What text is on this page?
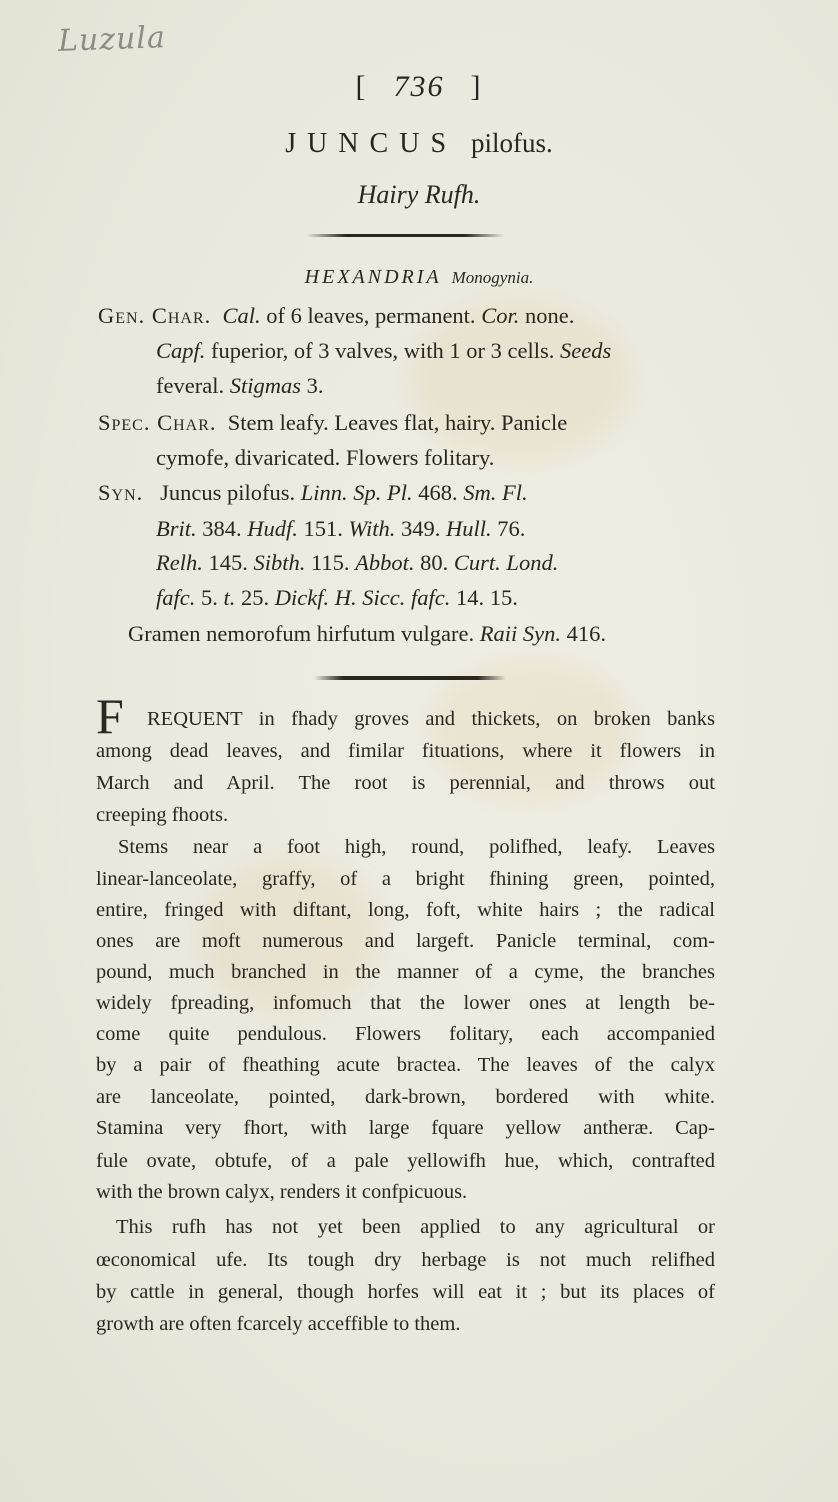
Luzula
[ 736 ]
JUNCUS pilofus.
Hairy Rufh.
HEXANDRIA Monogynia.
Gen. Char. Cal. of 6 leaves, permanent. Cor. none.
Capf. fuperior, of 3 valves, with 1 or 3 cells. Seeds
feveral. Stigmas 3.
Spec. Char. Stem leafy. Leaves flat, hairy. Panicle
cymofe, divaricated. Flowers folitary.
Syn. Juncus pilofus. Linn. Sp. Pl. 468. Sm. Fl.
Brit. 384. Hudf. 151. With. 349. Hull. 76.
Relh. 145. Sibth. 115. Abbot. 80. Curt. Lond.
fafc. 5. t. 25. Dickf. H. Sicc. fafc. 14. 15.
Gramen nemorofum hirfutum vulgare. Raii Syn. 416.
F REQUENT in fhady groves and thickets, on broken banks
among dead leaves, and fimilar fituations, where it flowers in
March and April. The root is perennial, and throws out
creeping fhoots.
Stems near a foot high, round, polifhed, leafy. Leaves
linear-lanceolate, graffy, of a bright fhining green, pointed,
entire, fringed with diftant, long, foft, white hairs ; the radical
ones are moft numerous and largeft. Panicle terminal, com-
pound, much branched in the manner of a cyme, the branches
widely fpreading, infomuch that the lower ones at length be-
come quite pendulous. Flowers folitary, each accompanied
by a pair of fheathing acute bractea. The leaves of the calyx
are lanceolate, pointed, dark-brown, bordered with white.
Stamina very fhort, with large fquare yellow antheræ. Cap-
fule ovate, obtufe, of a pale yellowifh hue, which, contrafted
with the brown calyx, renders it confpicuous.
This rufh has not yet been applied to any agricultural or
œconomical ufe. Its tough dry herbage is not much relifhed
by cattle in general, though horfes will eat it ; but its places of
growth are often fcarcely acceffible to them.
